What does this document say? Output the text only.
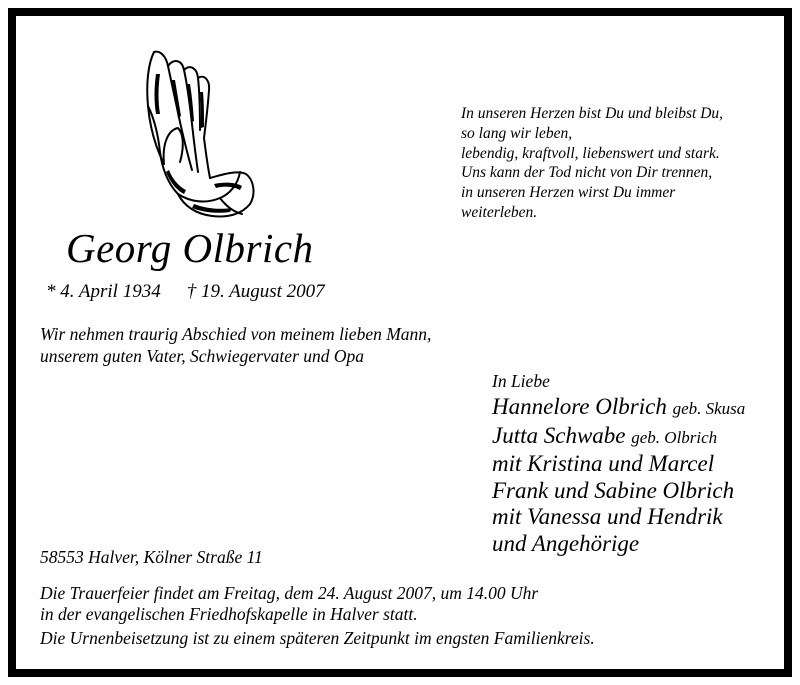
In unseren Herzen bist Du und bleibst Du,
so lang wir leben,
lebendig, kraftvoll, liebenswert und stark.
Uns kann der Tod nicht von Dir trennen,
in unseren Herzen wirst Du immer
weiterleben.
Georg Olbrich
* 4. April 1934 † 19. August 2007
Wir nehmen traurig Abschied von meinem lieben Mann,
unserem guten Vater, Schwiegervater und Opa
In Liebe
Hannelore Olbrich geb. Skusa
Jutta Schwabe geb. Olbrich
mit Kristina und Marcel
Frank und Sabine Olbrich
mit Vanessa und Hendrik
und Angehörige
58553 Halver, Kölner Straße 11
Die Trauerfeier findet am Freitag, dem 24. August 2007, um 14.00 Uhr
in der evangelischen Friedhofskapelle in Halver statt.
Die Urnenbeisetzung ist zu einem späteren Zeitpunkt im engsten Familienkreis.
